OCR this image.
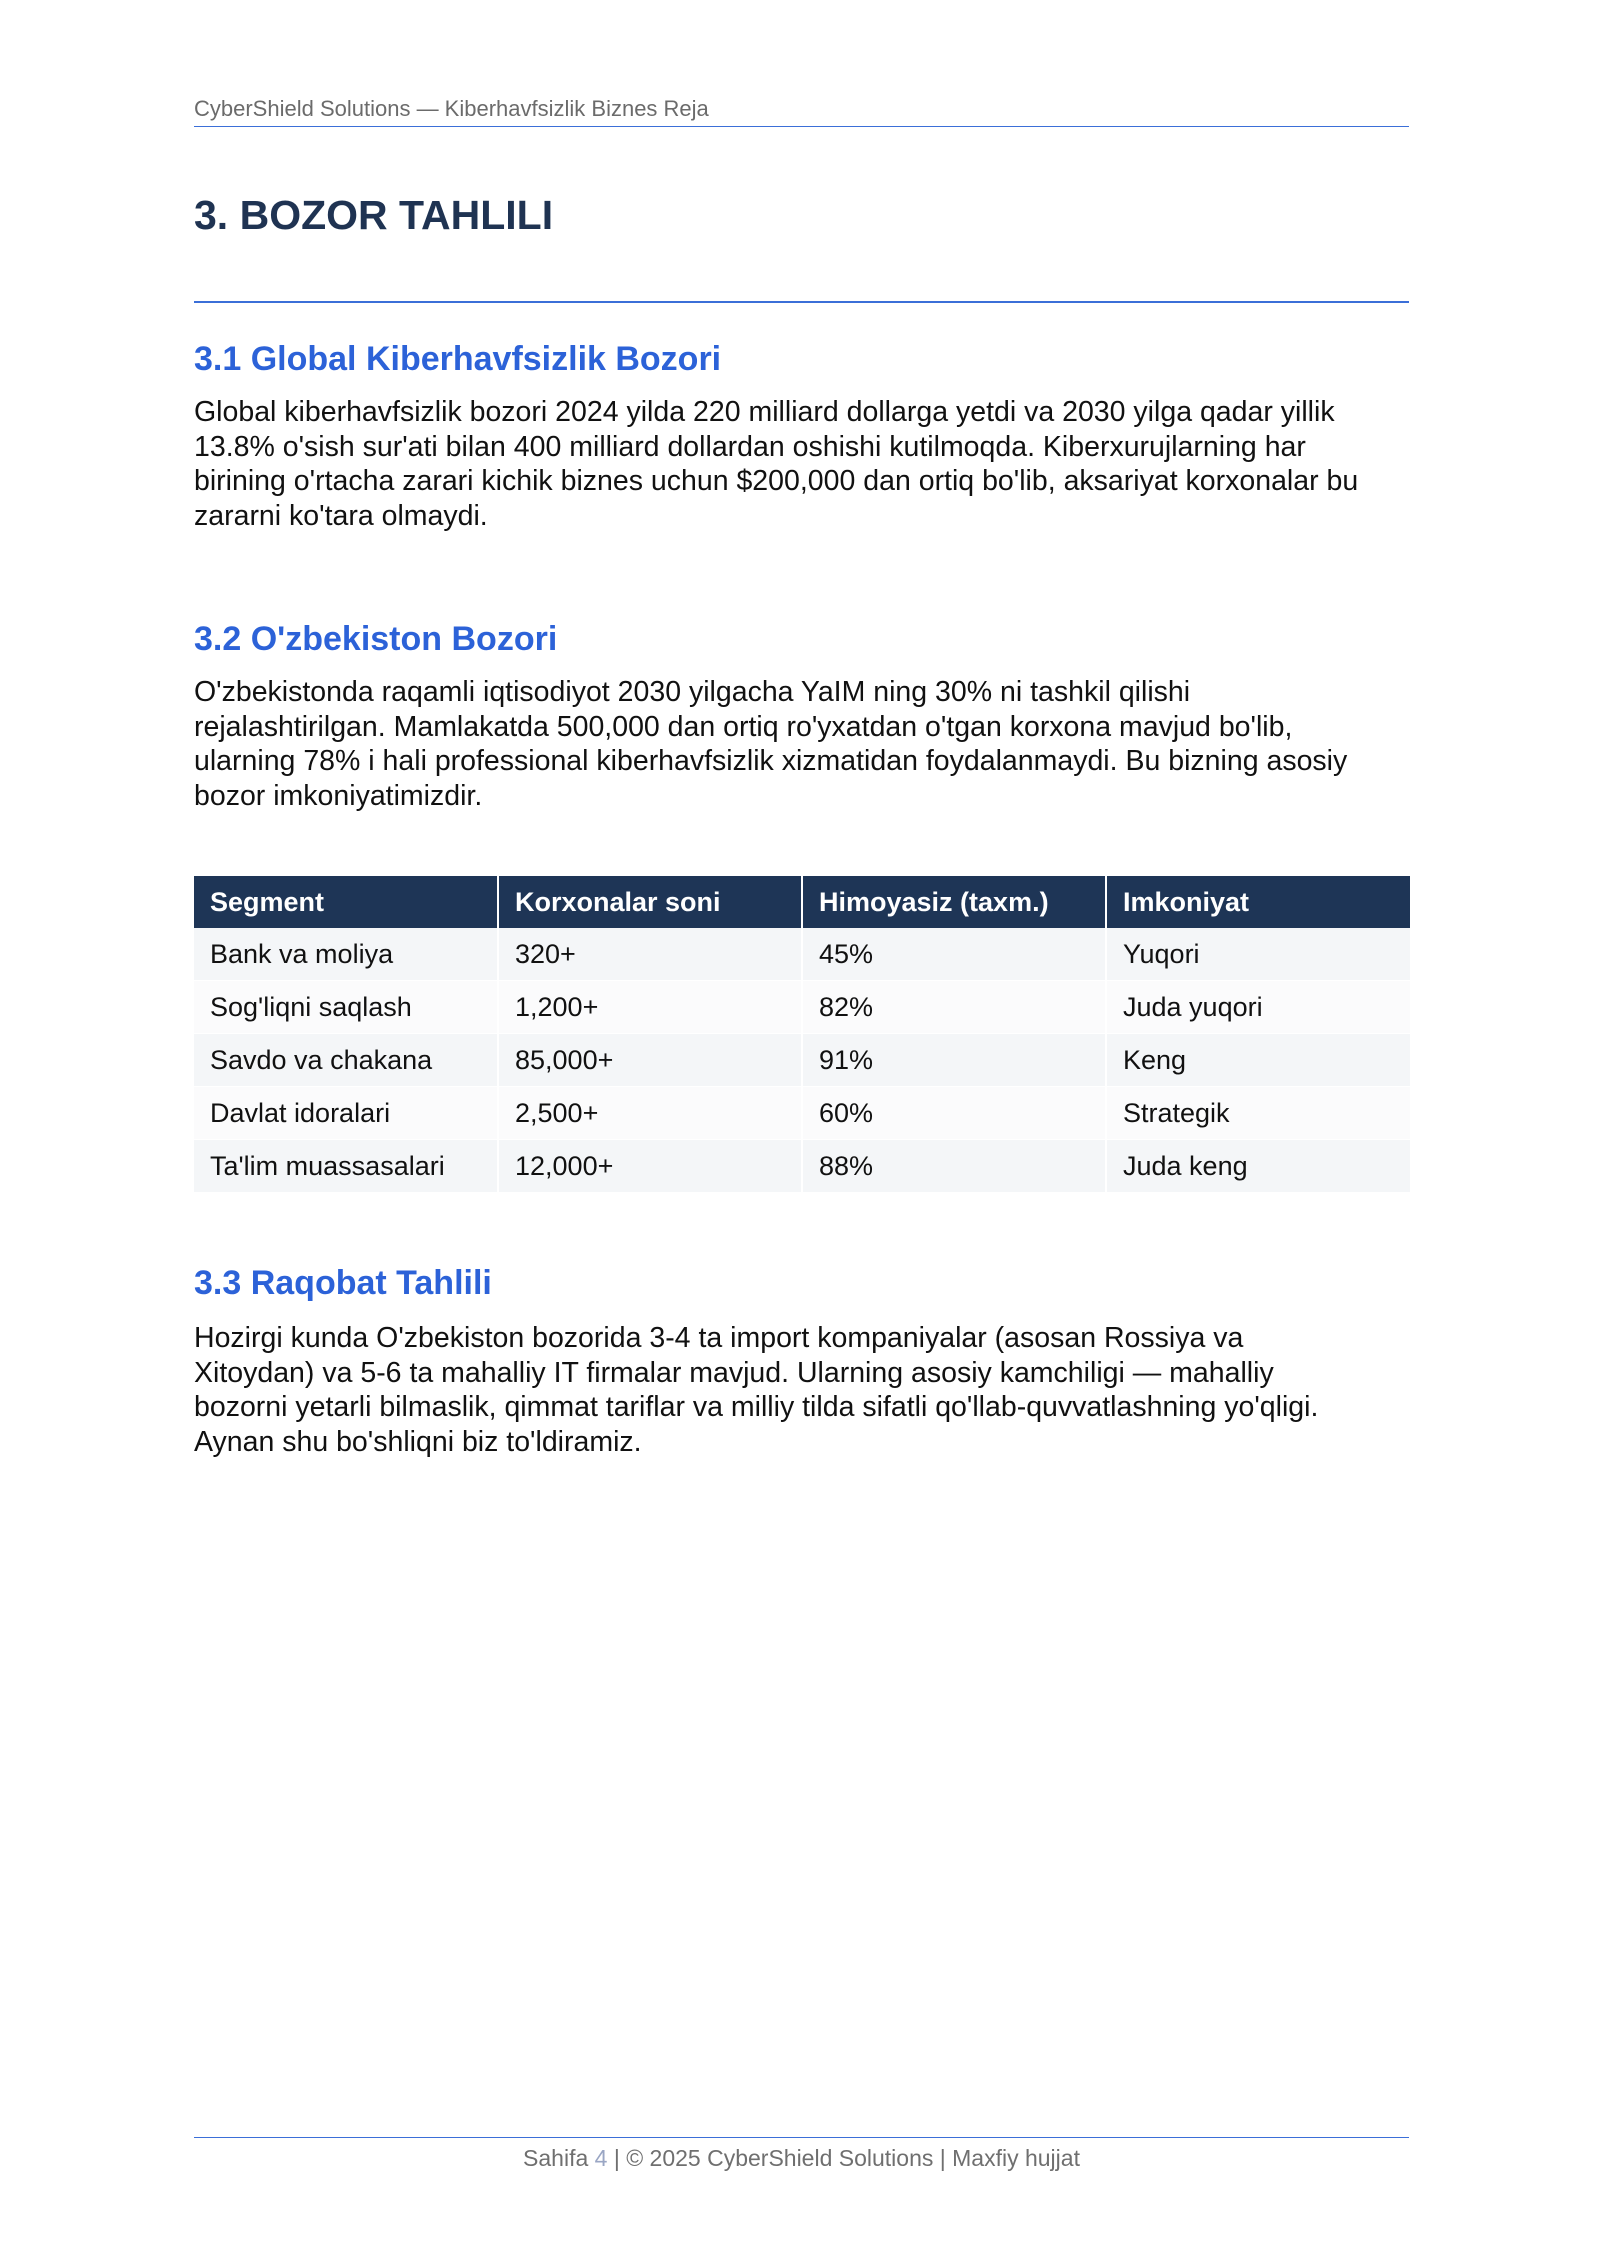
CyberShield Solutions — Kiberhavfsizlik Biznes Reja
3. BOZOR TAHLILI
3.1 Global Kiberhavfsizlik Bozori
Global kiberhavfsizlik bozori 2024 yilda 220 milliard dollarga yetdi va 2030 yilga qadar yillik
13.8% o'sish sur'ati bilan 400 milliard dollardan oshishi kutilmoqda. Kiberxurujlarning har
birining o'rtacha zarari kichik biznes uchun $200,000 dan ortiq bo'lib, aksariyat korxonalar bu
zararni ko'tara olmaydi.
3.2 O'zbekiston Bozori
O'zbekistonda raqamli iqtisodiyot 2030 yilgacha YaIM ning 30% ni tashkil qilishi
rejalashtirilgan. Mamlakatda 500,000 dan ortiq ro'yxatdan o'tgan korxona mavjud bo'lib,
ularning 78% i hali professional kiberhavfsizlik xizmatidan foydalanmaydi. Bu bizning asosiy
bozor imkoniyatimizdir.
Segment	Korxonalar soni	Himoyasiz (taxm.)	Imkoniyat
Bank va moliya	320+	45%	Yuqori
Sog'liqni saqlash	1,200+	82%	Juda yuqori
Savdo va chakana	85,000+	91%	Keng
Davlat idoralari	2,500+	60%	Strategik
Ta'lim muassasalari	12,000+	88%	Juda keng
3.3 Raqobat Tahlili
Hozirgi kunda O'zbekiston bozorida 3-4 ta import kompaniyalar (asosan Rossiya va
Xitoydan) va 5-6 ta mahalliy IT firmalar mavjud. Ularning asosiy kamchiligi — mahalliy
bozorni yetarli bilmaslik, qimmat tariflar va milliy tilda sifatli qo'llab-quvvatlashning yo'qligi.
Aynan shu bo'shliqni biz to'ldiramiz.
Sahifa 4 | © 2025 CyberShield Solutions | Maxfiy hujjat
